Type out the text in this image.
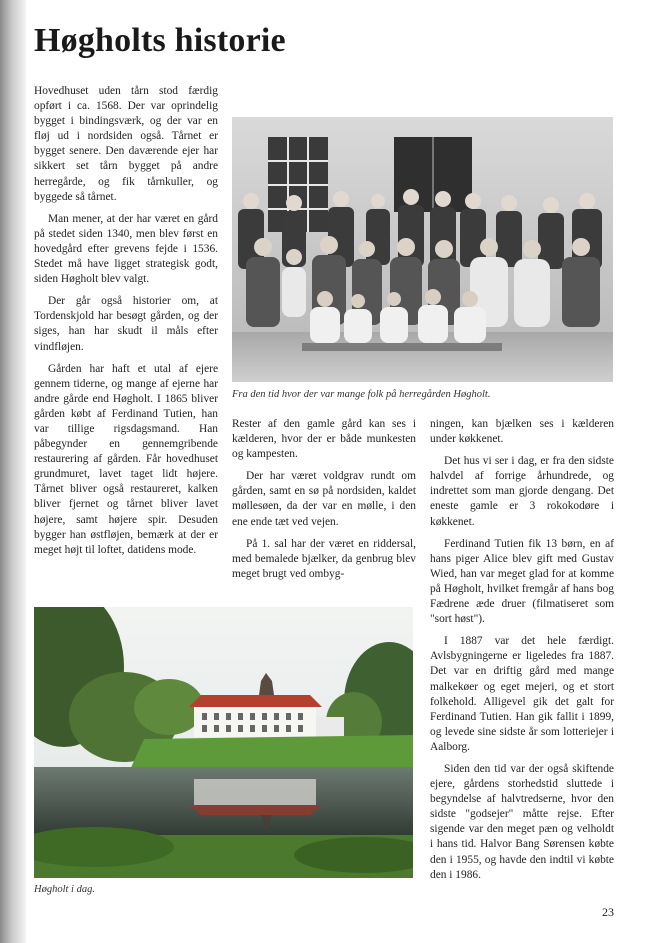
Høgholts historie

Hovedhuset uden tårn stod færdig opført i ca. 1568. Der var oprindelig bygget i bindingsværk, og der var en fløj ud i nordsiden også. Tårnet er bygget senere. Den daværende ejer har sikkert set tårn bygget på andre herregårde, og fik tårnkuller, og byggede så tårnet.

Man mener, at der har været en gård på stedet siden 1340, men blev først en hovedgård efter grevens fejde i 1536. Stedet må have ligget strategisk godt, siden Høgholt blev valgt.

Der går også historier om, at Tordenskjold har besøgt gården, og der siges, han har skudt il måls efter vindfløjen.

Gården har haft et utal af ejere gennem tiderne, og mange af ejerne har andre gårde end Høgholt. I 1865 bliver gården købt af Ferdinand Tutien, han var tillige rigsdagsmand. Han påbegynder en gennemgribende restaurering af gården. Får hovedhuset grundmuret, lavet taget lidt højere. Tårnet bliver også restaureret, kalken bliver fjernet og tårnet bliver lavet højere, samt højere spir. Desuden bygger han østfløjen, bemærk at der er meget højt til loftet, datidens mode.

Fra den tid hvor der var mange folk på herregården Høgholt.

Rester af den gamle gård kan ses i kælderen, hvor der er både munkesten og kampesten.

Der har været voldgrav rundt om gården, samt en sø på nordsiden, kaldet møllesøen, da der var en mølle, i den ene ende tæt ved vejen.

På 1. sal har der været en riddersal, med bemalede bjælker, da genbrug blev meget brugt ved ombyg-

ningen, kan bjælken ses i kælderen under køkkenet.

Det hus vi ser i dag, er fra den sidste halvdel af forrige århundrede, og indrettet som man gjorde dengang. Det eneste gamle er 3 rokokodøre i køkkenet.

Ferdinand Tutien fik 13 børn, en af hans piger Alice blev gift med Gustav Wied, han var meget glad for at komme på Høgholt, hvilket fremgår af hans bog Fædrene æde druer (filmatiseret som "sort høst").

I 1887 var det hele færdigt. Avlsbygningerne er ligeledes fra 1887. Det var en driftig gård med mange malkekøer og eget mejeri, og et stort folkehold. Alligevel gik det galt for Ferdinand Tutien. Han gik fallit i 1899, og levede sine sidste år som lotteriejer i Aalborg.

Siden den tid var der også skiftende ejere, gårdens storhedstid sluttede i begyndelse af halvtredserne, hvor den sidste "godsejer" måtte rejse. Efter sigende var den meget pæn og velholdt i hans tid. Halvor Bang Sørensen købte den i 1955, og havde den indtil vi købte den i 1986.

Høgholt i dag.
23
